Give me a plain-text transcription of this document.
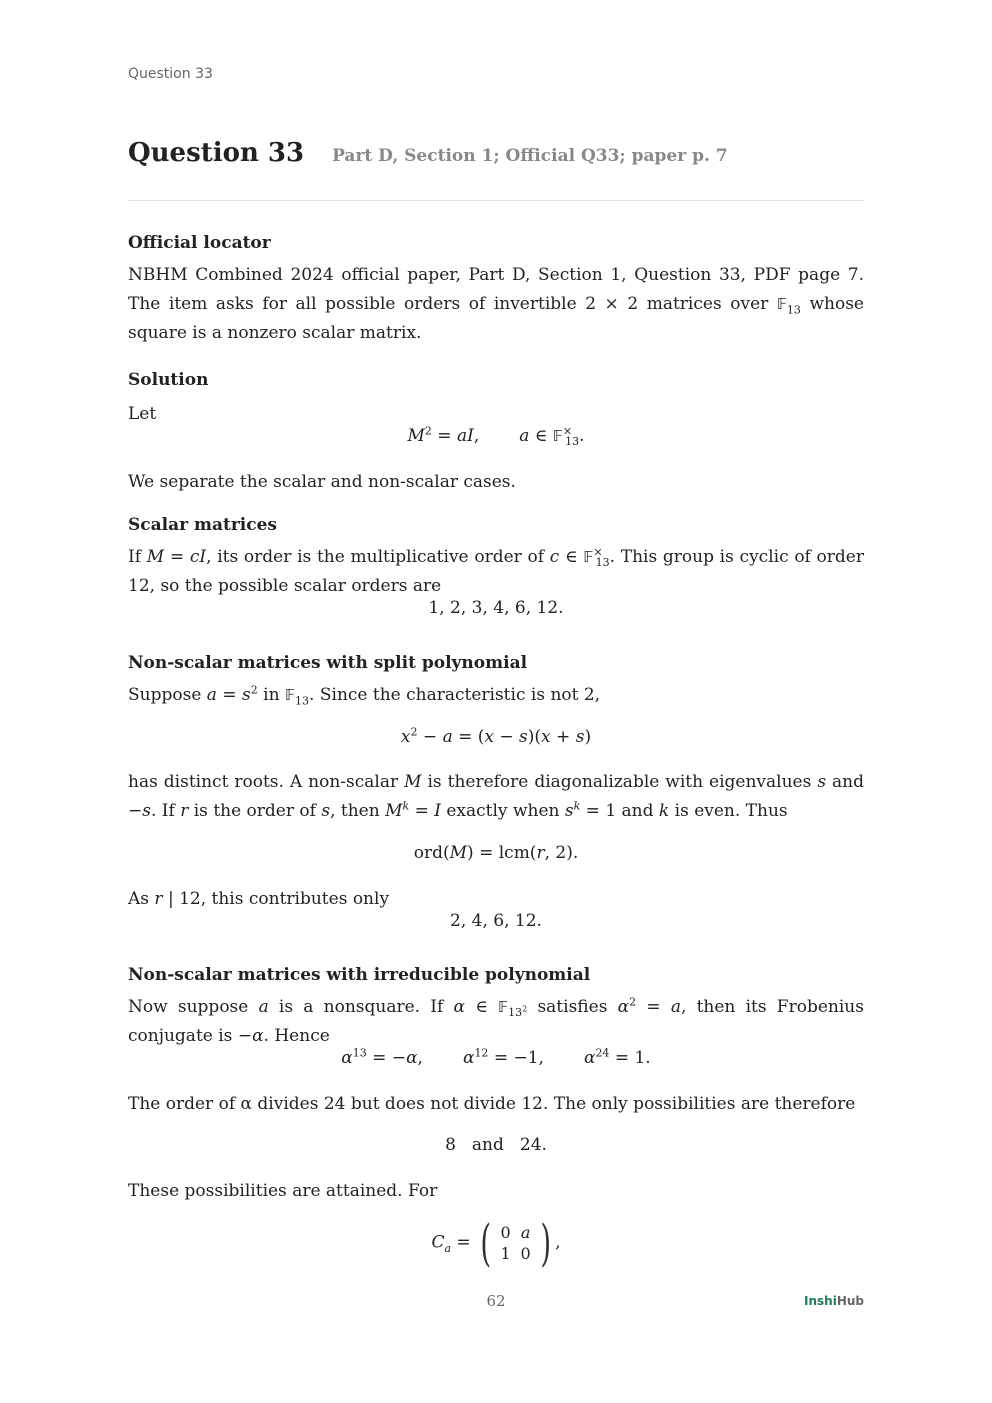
Question 33
Question 33 Part D, Section 1; Official Q33; paper p. 7
Official locator
NBHM Combined 2024 official paper, Part D, Section 1, Question 33, PDF page 7. The item asks for all possible orders of invertible 2 × 2 matrices over 𝔽$_{13}$ whose square is a nonzero scalar matrix.
Solution
Let
$M^2$ = aI, a ∈ 𝔽×$_{13}$.
We separate the scalar and non-scalar cases.
Scalar matrices
If M = cI, its order is the multiplicative order of c ∈ 𝔽×$_{13}$. This group is cyclic of order 12, so the possible scalar orders are
1, 2, 3, 4, 6, 12.
Non-scalar matrices with split polynomial
Suppose $a = s^2$ in 𝔽$_{13}$. Since the characteristic is not 2,
$x^2 - a = (x - s)(x + s)$
has distinct roots. A non-scalar M is therefore diagonalizable with eigenvalues s and −s. If r is the order of s, then $M^k = I$ exactly when $s^k = 1$ and k is even. Thus
ord(M) = lcm(r, 2).
As r | 12, this contributes only
2, 4, 6, 12.
Non-scalar matrices with irreducible polynomial
Now suppose a is a nonsquare. If α ∈ 𝔽$_{13^2}$ satisfies $\alpha^2 = a$, then its Frobenius conjugate is −α. Hence
$\alpha^{13} = -\alpha$, $\alpha^{12} = -1$, $\alpha^{24} = 1$.
The order of α divides 24 but does not divide 12. The only possibilities are therefore
8 and 24.
These possibilities are attained. For
$C_a$ = ( 0 a
1 0 ) ,
62	InshiHub
